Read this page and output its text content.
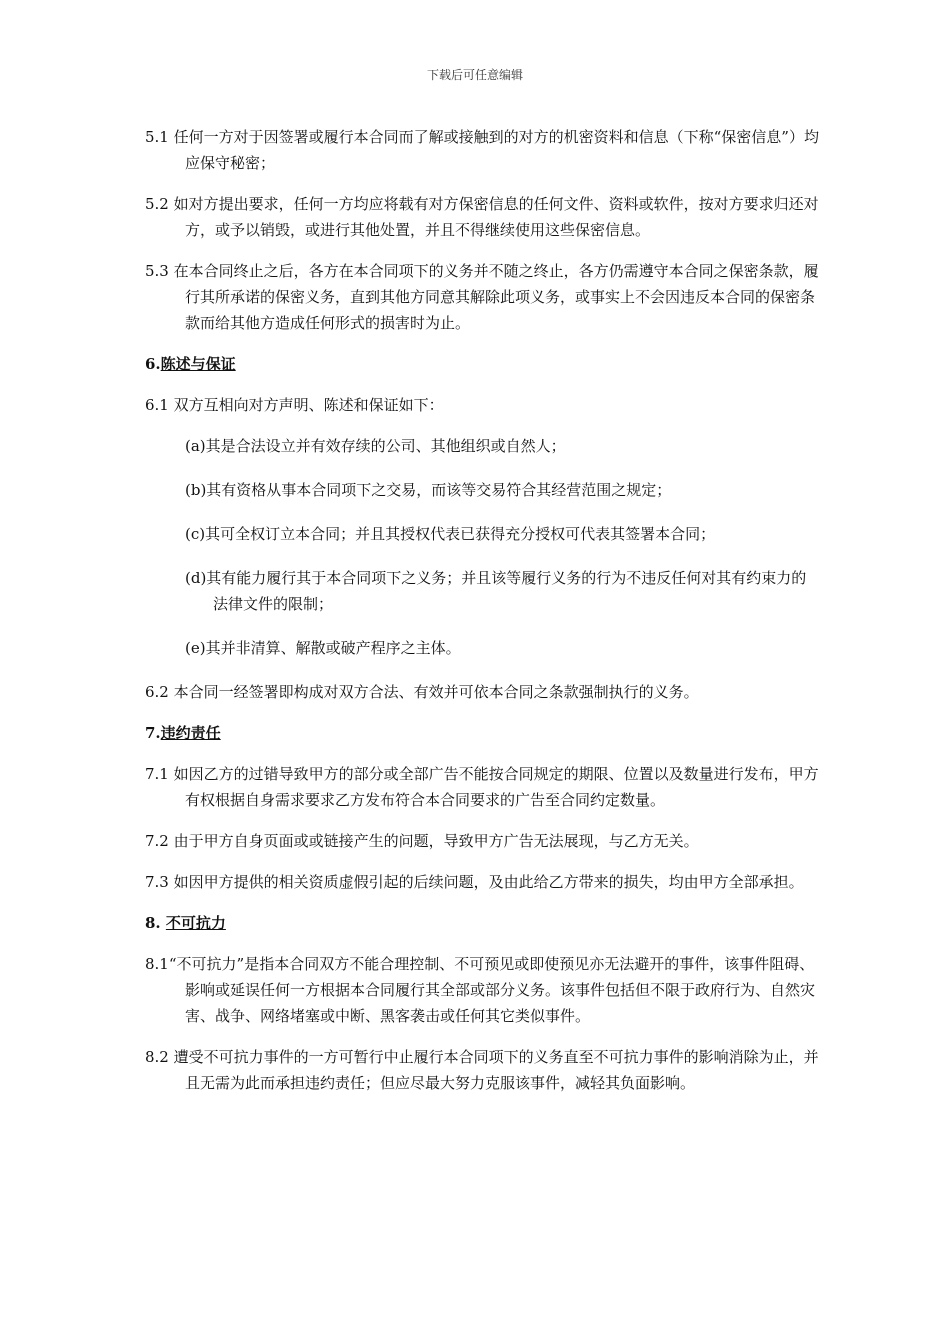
下载后可任意编辑

5.1 任何一方对于因签署或履行本合同而了解或接触到的对方的机密资料和信息（下称“保密信息”）均应保守秘密；

5.2 如对方提出要求，任何一方均应将载有对方保密信息的任何文件、资料或软件，按对方要求归还对方，或予以销毁，或进行其他处置，并且不得继续使用这些保密信息。

5.3 在本合同终止之后，各方在本合同项下的义务并不随之终止，各方仍需遵守本合同之保密条款，履行其所承诺的保密义务，直到其他方同意其解除此项义务，或事实上不会因违反本合同的保密条款而给其他方造成任何形式的损害时为止。

6.陈述与保证

6.1 双方互相向对方声明、陈述和保证如下：

(a)其是合法设立并有效存续的公司、其他组织或自然人；

(b)其有资格从事本合同项下之交易，而该等交易符合其经营范围之规定；

(c)其可全权订立本合同；并且其授权代表已获得充分授权可代表其签署本合同；

(d)其有能力履行其于本合同项下之义务；并且该等履行义务的行为不违反任何对其有约束力的法律文件的限制；

(e)其并非清算、解散或破产程序之主体。

6.2 本合同一经签署即构成对双方合法、有效并可依本合同之条款强制执行的义务。

7.违约责任

7.1 如因乙方的过错导致甲方的部分或全部广告不能按合同规定的期限、位置以及数量进行发布，甲方有权根据自身需求要求乙方发布符合本合同要求的广告至合同约定数量。

7.2 由于甲方自身页面或或链接产生的问题，导致甲方广告无法展现，与乙方无关。

7.3 如因甲方提供的相关资质虚假引起的后续问题，及由此给乙方带来的损失，均由甲方全部承担。

8. 不可抗力

8.1“不可抗力”是指本合同双方不能合理控制、不可预见或即使预见亦无法避开的事件，该事件阻碍、影响或延误任何一方根据本合同履行其全部或部分义务。该事件包括但不限于政府行为、自然灾害、战争、网络堵塞或中断、黑客袭击或任何其它类似事件。

8.2 遭受不可抗力事件的一方可暂行中止履行本合同项下的义务直至不可抗力事件的影响消除为止，并且无需为此而承担违约责任；但应尽最大努力克服该事件，减轻其负面影响。
